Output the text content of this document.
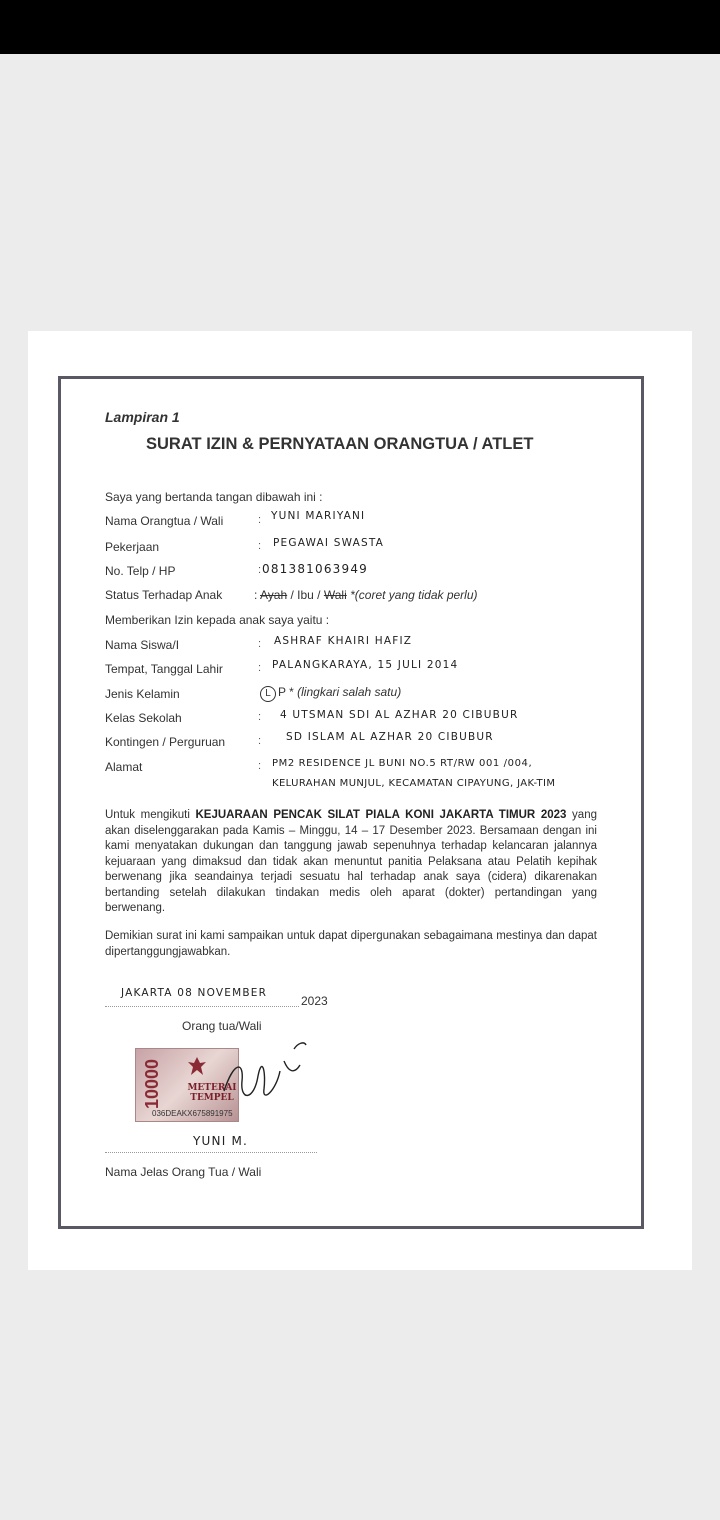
Lampiran 1
SURAT IZIN & PERNYATAAN ORANGTUA / ATLET
Saya yang bertanda tangan dibawah ini :
Nama Orangtua / Wali	: YUNI MARIYANI
Pekerjaan	: PEGAWAI SWASTA
No. Telp / HP	: 081381063949
Status Terhadap Anak	: Ayah / Ibu / Wali *(coret yang tidak perlu)
Memberikan Izin kepada anak saya yaitu :
Nama Siswa/I	: ASHRAF KHAIRI HAFIZ
Tempat, Tanggal Lahir	: PALANGKARAYA, 15 JULI 2014
Jenis Kelamin	L P * (lingkari salah satu)
Kelas Sekolah	: 4 UTSMAN SDI AL AZHAR 20 CIBUBUR
Kontingen / Perguruan	: SD ISLAM AL AZHAR 20 CIBUBUR
Alamat	: PM2 RESIDENCE JL BUNI NO.5 RT/RW 001 /004,
KELURAHAN MUNJUL, KECAMATAN CIPAYUNG, JAK-TIM
Untuk mengikuti KEJUARAAN PENCAK SILAT PIALA KONI JAKARTA TIMUR 2023 yang akan diselenggarakan pada Kamis – Minggu, 14 – 17 Desember 2023. Bersamaan dengan ini kami menyatakan dukungan dan tanggung jawab sepenuhnya terhadap kelancaran jalannya kejuaraan yang dimaksud dan tidak akan menuntut panitia Pelaksana atau Pelatih kepihak berwenang jika seandainya terjadi sesuatu hal terhadap anak saya (cidera) dikarenakan bertanding setelah dilakukan tindakan medis oleh aparat (dokter) pertandingan yang berwenang.
Demikian surat ini kami sampaikan untuk dapat dipergunakan sebagaimana mestinya dan dapat dipertanggungjawabkan.
JAKARTA 08 NOVEMBER
2023
Orang tua/Wali
10000	METERAI TEMPEL
036DEAKX675891975
YUNI M.
Nama Jelas Orang Tua / Wali
